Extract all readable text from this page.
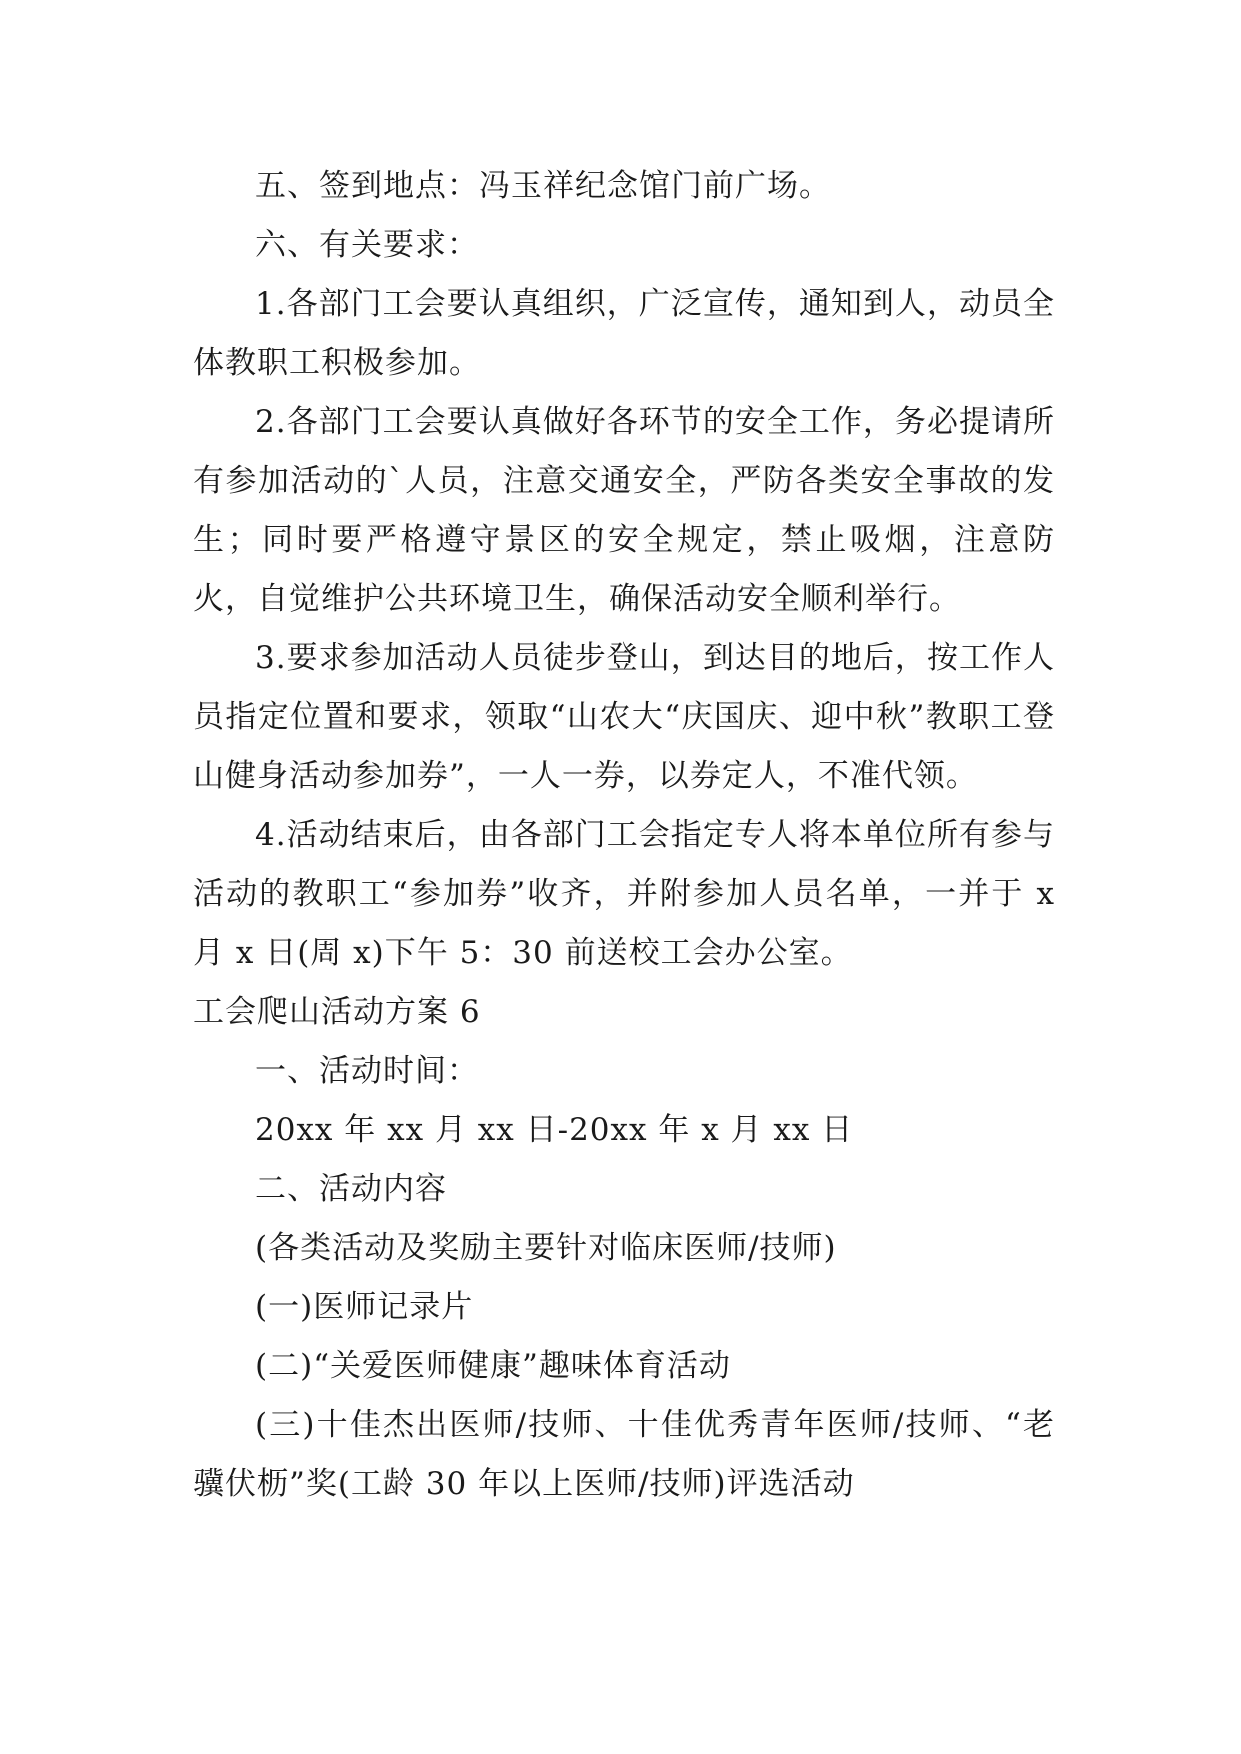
五、签到地点：冯玉祥纪念馆门前广场。

六、有关要求：

1.各部门工会要认真组织，广泛宣传，通知到人，动员全体教职工积极参加。

2.各部门工会要认真做好各环节的安全工作，务必提请所有参加活动的`人员，注意交通安全，严防各类安全事故的发生；同时要严格遵守景区的安全规定，禁止吸烟，注意防火，自觉维护公共环境卫生，确保活动安全顺利举行。

3.要求参加活动人员徒步登山，到达目的地后，按工作人员指定位置和要求，领取“山农大“庆国庆、迎中秋”教职工登山健身活动参加券”，一人一券，以券定人，不准代领。

4.活动结束后，由各部门工会指定专人将本单位所有参与活动的教职工“参加券”收齐，并附参加人员名单，一并于 x 月 x 日(周 x)下午 5：30 前送校工会办公室。

工会爬山活动方案 6

一、活动时间：

20xx 年 xx 月 xx 日-20xx 年 x 月 xx 日

二、活动内容

(各类活动及奖励主要针对临床医师/技师)

(一)医师记录片

(二)“关爱医师健康”趣味体育活动

(三)十佳杰出医师/技师、十佳优秀青年医师/技师、“老骥伏枥”奖(工龄 30 年以上医师/技师)评选活动
